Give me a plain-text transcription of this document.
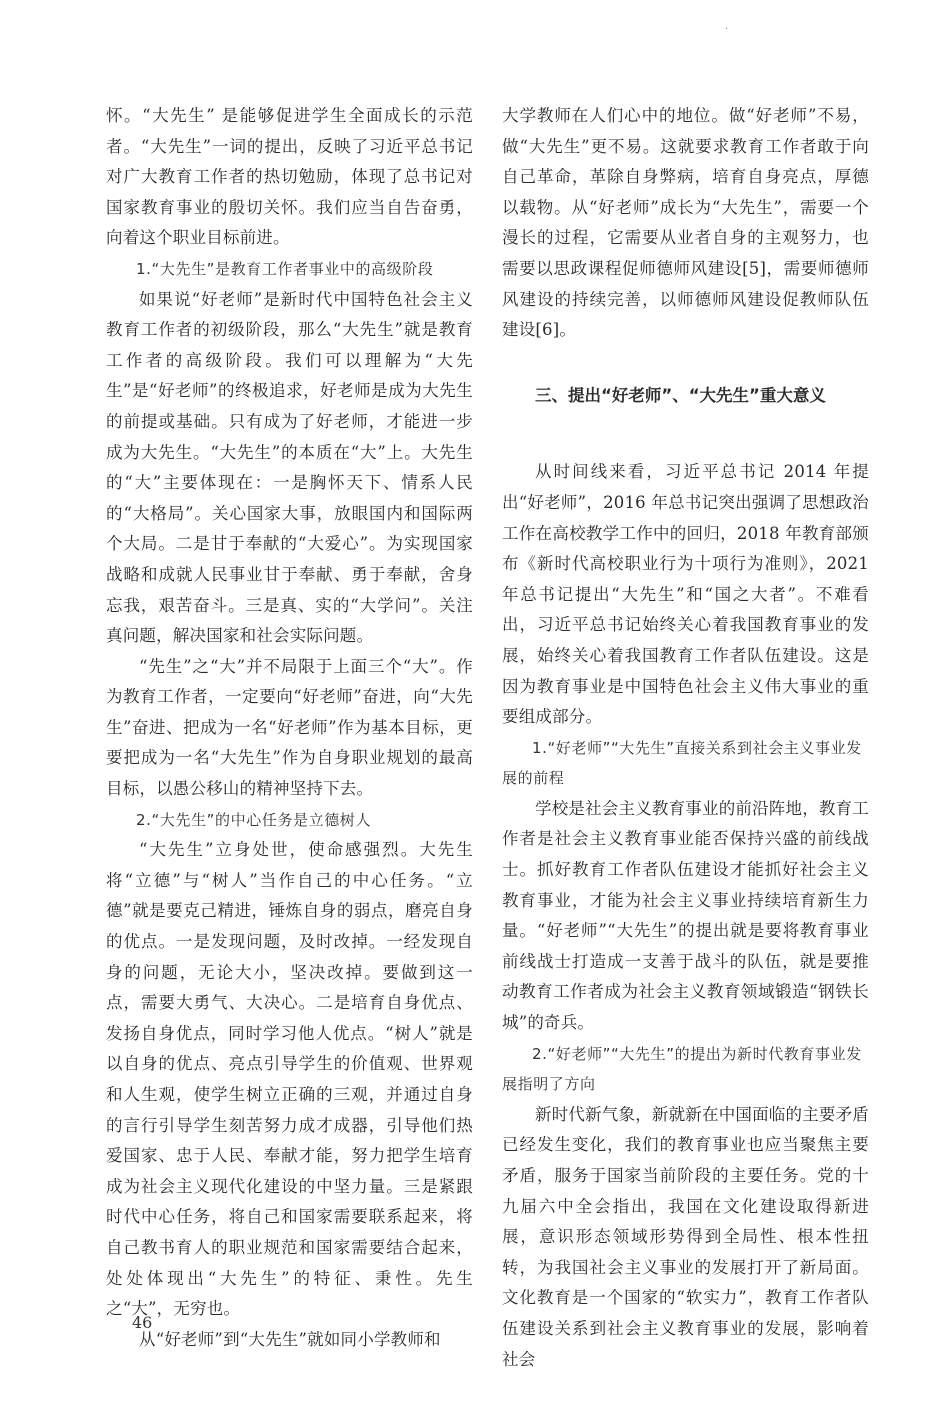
怀。“大先生” 是能够促进学生全面成长的示范者。“大先生”一词的提出，反映了习近平总书记对广大教育工作者的热切勉励，体现了总书记对国家教育事业的殷切关怀。我们应当自告奋勇，向着这个职业目标前进。

1.“大先生”是教育工作者事业中的高级阶段

如果说“好老师”是新时代中国特色社会主义教育工作者的初级阶段，那么“大先生”就是教育工作者的高级阶段。我们可以理解为“大先生”是“好老师”的终极追求，好老师是成为大先生的前提或基础。只有成为了好老师，才能进一步成为大先生。“大先生”的本质在“大”上。大先生的“大”主要体现在：一是胸怀天下、情系人民的“大格局”。关心国家大事，放眼国内和国际两个大局。二是甘于奉献的“大爱心”。为实现国家战略和成就人民事业甘于奉献、勇于奉献，舍身忘我，艰苦奋斗。三是真、实的“大学问”。关注真问题，解决国家和社会实际问题。

“先生”之“大”并不局限于上面三个“大”。作为教育工作者，一定要向“好老师”奋进，向“大先生”奋进、把成为一名“好老师”作为基本目标，更要把成为一名“大先生”作为自身职业规划的最高目标，以愚公移山的精神坚持下去。

2.“大先生”的中心任务是立德树人

“大先生”立身处世，使命感强烈。大先生将“立德”与“树人”当作自己的中心任务。“立德”就是要克己精进，锤炼自身的弱点，磨亮自身的优点。一是发现问题，及时改掉。一经发现自身的问题，无论大小，坚决改掉。要做到这一点，需要大勇气、大决心。二是培育自身优点、发扬自身优点，同时学习他人优点。“树人”就是以自身的优点、亮点引导学生的价值观、世界观和人生观，使学生树立正确的三观，并通过自身的言行引导学生刻苦努力成才成器，引导他们热爱国家、忠于人民、奉献才能，努力把学生培育成为社会主义现代化建设的中坚力量。三是紧跟时代中心任务，将自己和国家需要联系起来，将自己教书育人的职业规范和国家需要结合起来，处处体现出“大先生”的特征、秉性。先生之“大”，无穷也。

从“好老师”到“大先生”就如同小学教师和

大学教师在人们心中的地位。做“好老师”不易，做“大先生”更不易。这就要求教育工作者敢于向自己革命，革除自身弊病，培育自身亮点，厚德以载物。从“好老师”成长为“大先生”，需要一个漫长的过程，它需要从业者自身的主观努力，也需要以思政课程促师德师风建设[5]，需要师德师风建设的持续完善，以师德师风建设促教师队伍建设[6]。

三、提出“好老师”、“大先生”重大意义

从时间线来看，习近平总书记 2014 年提出“好老师”，2016 年总书记突出强调了思想政治工作在高校教学工作中的回归，2018 年教育部颁布《新时代高校职业行为十项行为准则》，2021 年总书记提出“大先生”和“国之大者”。不难看出，习近平总书记始终关心着我国教育事业的发展，始终关心着我国教育工作者队伍建设。这是因为教育事业是中国特色社会主义伟大事业的重要组成部分。

1.“好老师”“大先生”直接关系到社会主义事业发展的前程

学校是社会主义教育事业的前沿阵地，教育工作者是社会主义教育事业能否保持兴盛的前线战士。抓好教育工作者队伍建设才能抓好社会主义教育事业，才能为社会主义事业持续培育新生力量。“好老师”“大先生”的提出就是要将教育事业前线战士打造成一支善于战斗的队伍，就是要推动教育工作者成为社会主义教育领域锻造“钢铁长城”的奇兵。

2.“好老师”“大先生”的提出为新时代教育事业发展指明了方向

新时代新气象，新就新在中国面临的主要矛盾已经发生变化，我们的教育事业也应当聚焦主要矛盾，服务于国家当前阶段的主要任务。党的十九届六中全会指出，我国在文化建设取得新进展，意识形态领域形势得到全局性、根本性扭转，为我国社会主义事业的发展打开了新局面。文化教育是一个国家的“软实力”，教育工作者队伍建设关系到社会主义教育事业的发展，影响着社会

46
·
